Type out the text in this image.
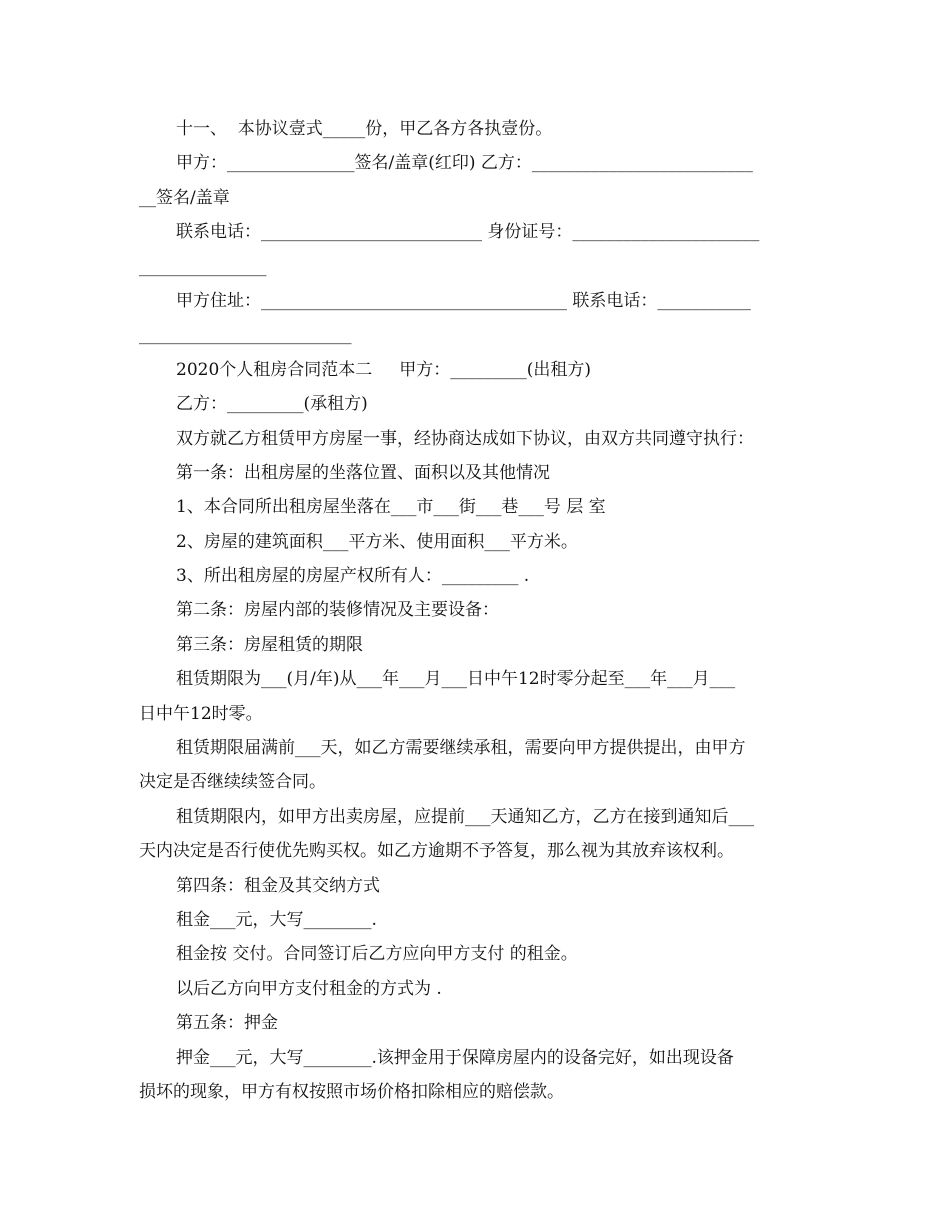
十一、  本协议壹式_____份，甲乙各方各执壹份。
甲方：_______________签名/盖章(红印) 乙方：__________________________
__签名/盖章
联系电话：__________________________ 身份证号：______________________
_______________
甲方住址：____________________________________ 联系电话：___________
_________________________
2020个人租房合同范本二     甲方：_________(出租方)
乙方：_________(承租方)
双方就乙方租赁甲方房屋一事，经协商达成如下协议，由双方共同遵守执行：
第一条：出租房屋的坐落位置、面积以及其他情况
1、本合同所出租房屋坐落在___市___街___巷___号 层 室
2、房屋的建筑面积___平方米、使用面积___平方米。
3、所出租房屋的房屋产权所有人：_________ .
第二条：房屋内部的装修情况及主要设备：
第三条：房屋租赁的期限
租赁期限为___(月/年)从___年___月___日中午12时零分起至___年___月___
日中午12时零。
租赁期限届满前___天，如乙方需要继续承租，需要向甲方提供提出，由甲方
决定是否继续续签合同。
租赁期限内，如甲方出卖房屋，应提前___天通知乙方，乙方在接到通知后___
天内决定是否行使优先购买权。如乙方逾期不予答复，那么视为其放弃该权利。
第四条：租金及其交纳方式
租金___元，大写________.
租金按 交付。合同签订后乙方应向甲方支付 的租金。
以后乙方向甲方支付租金的方式为 .
第五条：押金
押金___元，大写________.该押金用于保障房屋内的设备完好，如出现设备
损坏的现象，甲方有权按照市场价格扣除相应的赔偿款。
